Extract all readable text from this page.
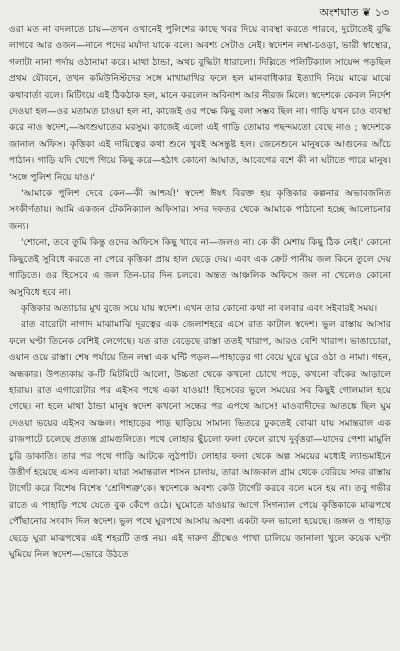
অংশঘাত ❦ ১৩

ওরা মত না বদলাতে চায়—তখন ওখানেই পুলিশের কাছে খবর দিয়ে ব্যবস্থা করতে পারবে, দুটোতেই বুদ্ধি লাগবে আর ওজন—নানে পদের মর্যাদা যাকে বলে। অবশ্য সেটাও নেই। স্বদেশন লম্বা-চওড়া, ভারী স্বাস্থ্যের, গলাটা নানা পর্দায় ওঠানামা করে। মাথা ঠান্ডা, অথচ বুদ্ধিটা ধারালো। দিল্লিতে পলিটিক্যাল সায়েন্স পড়ছিল প্রথম যৌবনে, তখন কমিউনিস্টদের সঙ্গে মাখামাখির ফলে হল মানবাধিকার ইত্যাদি নিয়ে মাঝে মাঝে কথাবার্তা বলে। মিটিংয়ে এই ঠিকঠাক হল, মানে করলেন অবিনাশ আর নীরজ মিলে। স্বদেশকে কেবল নির্দেশ দেওয়া হল—ওর মতামত চাওয়া হল না, কাজেই ওর পক্ষে কিছু বলা সম্ভব ছিল না। গাড়ি যখন চাও ব্যবস্থা করে নাও স্বদেশ,—অংশুঘাতের মরসুম। কাজেই এলো এই গাড়ি তোমার পছন্দমতো বেছে নাও ; স্বদেশকে জানাল অফিস। কৃত্তিকা এই দায়িত্বের কথা শুনে খুবই অসন্তুষ্ট হল। জেনেশুনে মানুষকে আগুনের আঁচে পাঠান। গাড়ি যদি খেপে গিয়ে কিছু করে—হঠাৎ কোনো আঘাত, আবেগের বশে কী না ঘটাতে পারে মানুষ। 'সঙ্গে পুলিশ নিয়ে যাও।'

'আমাকে পুলিশ দেবে কেন—কী আশ্চর্য!' স্বদেশ ঈষৎ বিরক্ত হয় কৃত্তিকার কল্পনার অভাবজনিত সংকীর্ণতায়। আমি একজন টেকনিক্যাল অফিসার। সদর দফতর থেকে আমাকে পাঠানো হচ্ছে আলোচনার জন্য।

'শোনো, তবে তুমি কিন্তু ওদের অফিসে কিছু খাবে না—জলও না। কে কী মেশায় কিছু ঠিক নেই।' কোনো কিছুতেই সুবিধে করতে না পেরে কৃত্তিকা প্রায় হাল ছেড়ে দেয়। এবং এক ক্রেট পানীয় জল কিনে তুলে দেয় গাড়িতে। ওর হিসেবে এ জল তিন-চার দিন চলবে। অন্তত আঞ্চলিক অফিসে জল না খেলেও কোনো অসুবিধে হবে না।

কৃত্তিকার অত্যাচার মুখ বুজে সয়ে যায় স্বদেশ। এখন তার কোনো কথা না বলবার এবং সইবারই সময়।

রাত বারোটা নাগাদ মাঝামাঝি দূরত্বের এক জেলাশহরে এসে রাত কাটাল স্বদেশ। ভুল রাস্তায় আসার ফলে ঘণ্টা তিনেক বেশিই লেগেছে। যত রাত বেড়েছে রাস্তা ততই খারাপ, আরও বেশি খারাপ। ভাঙাচোরা, ওয়ান ওয়ে রাস্তা। শেষ পর্যায়ে তিন লম্বা এক ঘন্টি পড়ল—পাহাড়ের গা বেয়ে ঘুরে ঘুরে ওঠা ও নামা। গহন, অন্ধকার। উপত্যকায় ক-টি মিটমিটে আলো, উচ্চতা থেকে কখনো চোখে পড়ে, কখনো বাঁকের আড়ালে হারায়। রাত এগারোটার পর এইসব পথে একা যাওয়া! হিসেবের ভুলে সময়ের সব কিছুই গোলমাল হয়ে গেছে। না হলে মাথা ঠান্ডা মানুষ স্বদেশ কখনো সন্ধের পর এপথে আসে! মাওবাদীদের আতঙ্কে ছিল ঘুম দেওয়া ভয়ের এইসব অঞ্চল। পাহাড়ের পাড় ছাড়িয়ে সামান্য ভিতরে ঢুকতেই বোঝা যায় সমান্তরাল এক রাজপাটে চলেছে প্রত্যন্ত গ্রামগুলিতে। পথে লোহার ছুঁচলো ফলা ফেলে রাখে দুর্বৃত্তরা—যাদের পেশা মামুলি চুরি ডাকাতি। তার পর পথে গাড়ি আটকে লুঠপাট। লোহার ফলা থেকে অল্প সময়ের মধ্যেই ল্যান্ডমাইনে উত্তীর্ণ হয়েছে এসব এলাকা। যারা সমান্তরাল শাসন চালায়, তারা আজকাল গ্রাম থেকে বেরিয়ে সদর রাস্তায় টার্গেট করে বিশেষ বিশেষ 'শ্রেণিশত্রু'কে। স্বদেশকে অবশ্য কেউ টার্গেট করবে বলে মনে হয় না। তবু গভীর রাতে এ পাহাড়ি পথে যেতে বুক কেঁপে ওঠে। ঘুমোতে যাওয়ার আগে সিগন্যাল পেয়ে কৃত্তিকাকে মাঝপথে পৌঁছানোর সংবাদ দিল স্বদেশ। ভুল পথে ঘুরপথে আসায় অবশ্য একটা ফল ভালো হয়েছে। জঙ্গল ও পাহাড় ছেড়ে ঘুরা মাঝপথের এই শহরটি তপ্ত নয়। এই দারুণ গ্রীষ্মেও পাখা চালিয়ে জানালা খুলে কয়েক ঘণ্টা ঘুমিয়ে নিল স্বদেশ—ভোরে উঠতে
